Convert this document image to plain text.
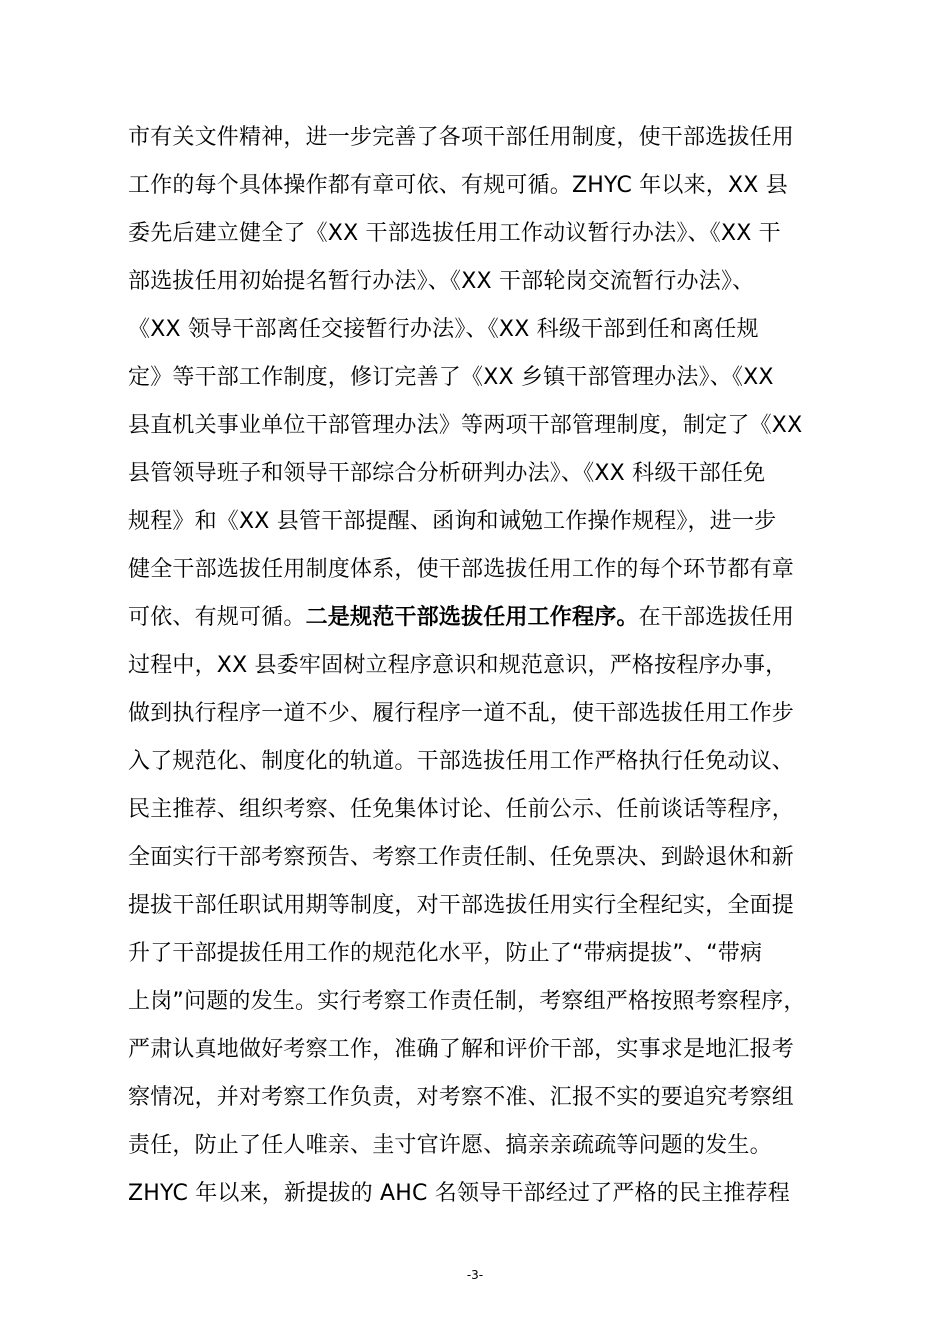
市有关文件精神，进一步完善了各项干部任用制度，使干部选拔任用
工作的每个具体操作都有章可依、有规可循。ZHYC 年以来，XX 县
委先后建立健全了《XX 干部选拔任用工作动议暂行办法》、《XX 干
部选拔任用初始提名暂行办法》、《XX 干部轮岗交流暂行办法》、
《XX 领导干部离任交接暂行办法》、《XX 科级干部到任和离任规
定》等干部工作制度，修订完善了《XX 乡镇干部管理办法》、《XX
县直机关事业单位干部管理办法》等两项干部管理制度，制定了《XX
县管领导班子和领导干部综合分析研判办法》、《XX 科级干部任免
规程》和《XX 县管干部提醒、函询和诫勉工作操作规程》，进一步
健全干部选拔任用制度体系，使干部选拔任用工作的每个环节都有章
可依、有规可循。二是规范干部选拔任用工作程序。在干部选拔任用
过程中，XX 县委牢固树立程序意识和规范意识，严格按程序办事，
做到执行程序一道不少、履行程序一道不乱，使干部选拔任用工作步
入了规范化、制度化的轨道。干部选拔任用工作严格执行任免动议、
民主推荐、组织考察、任免集体讨论、任前公示、任前谈话等程序，
全面实行干部考察预告、考察工作责任制、任免票决、到龄退休和新
提拔干部任职试用期等制度，对干部选拔任用实行全程纪实，全面提
升了干部提拔任用工作的规范化水平，防止了“带病提拔”、“带病
上岗”问题的发生。实行考察工作责任制，考察组严格按照考察程序，
严肃认真地做好考察工作，准确了解和评价干部，实事求是地汇报考
察情况，并对考察工作负责，对考察不准、汇报不实的要追究考察组
责任，防止了任人唯亲、圭寸官许愿、搞亲亲疏疏等问题的发生。
ZHYC 年以来，新提拔的 AHC 名领导干部经过了严格的民主推荐程
-3-
